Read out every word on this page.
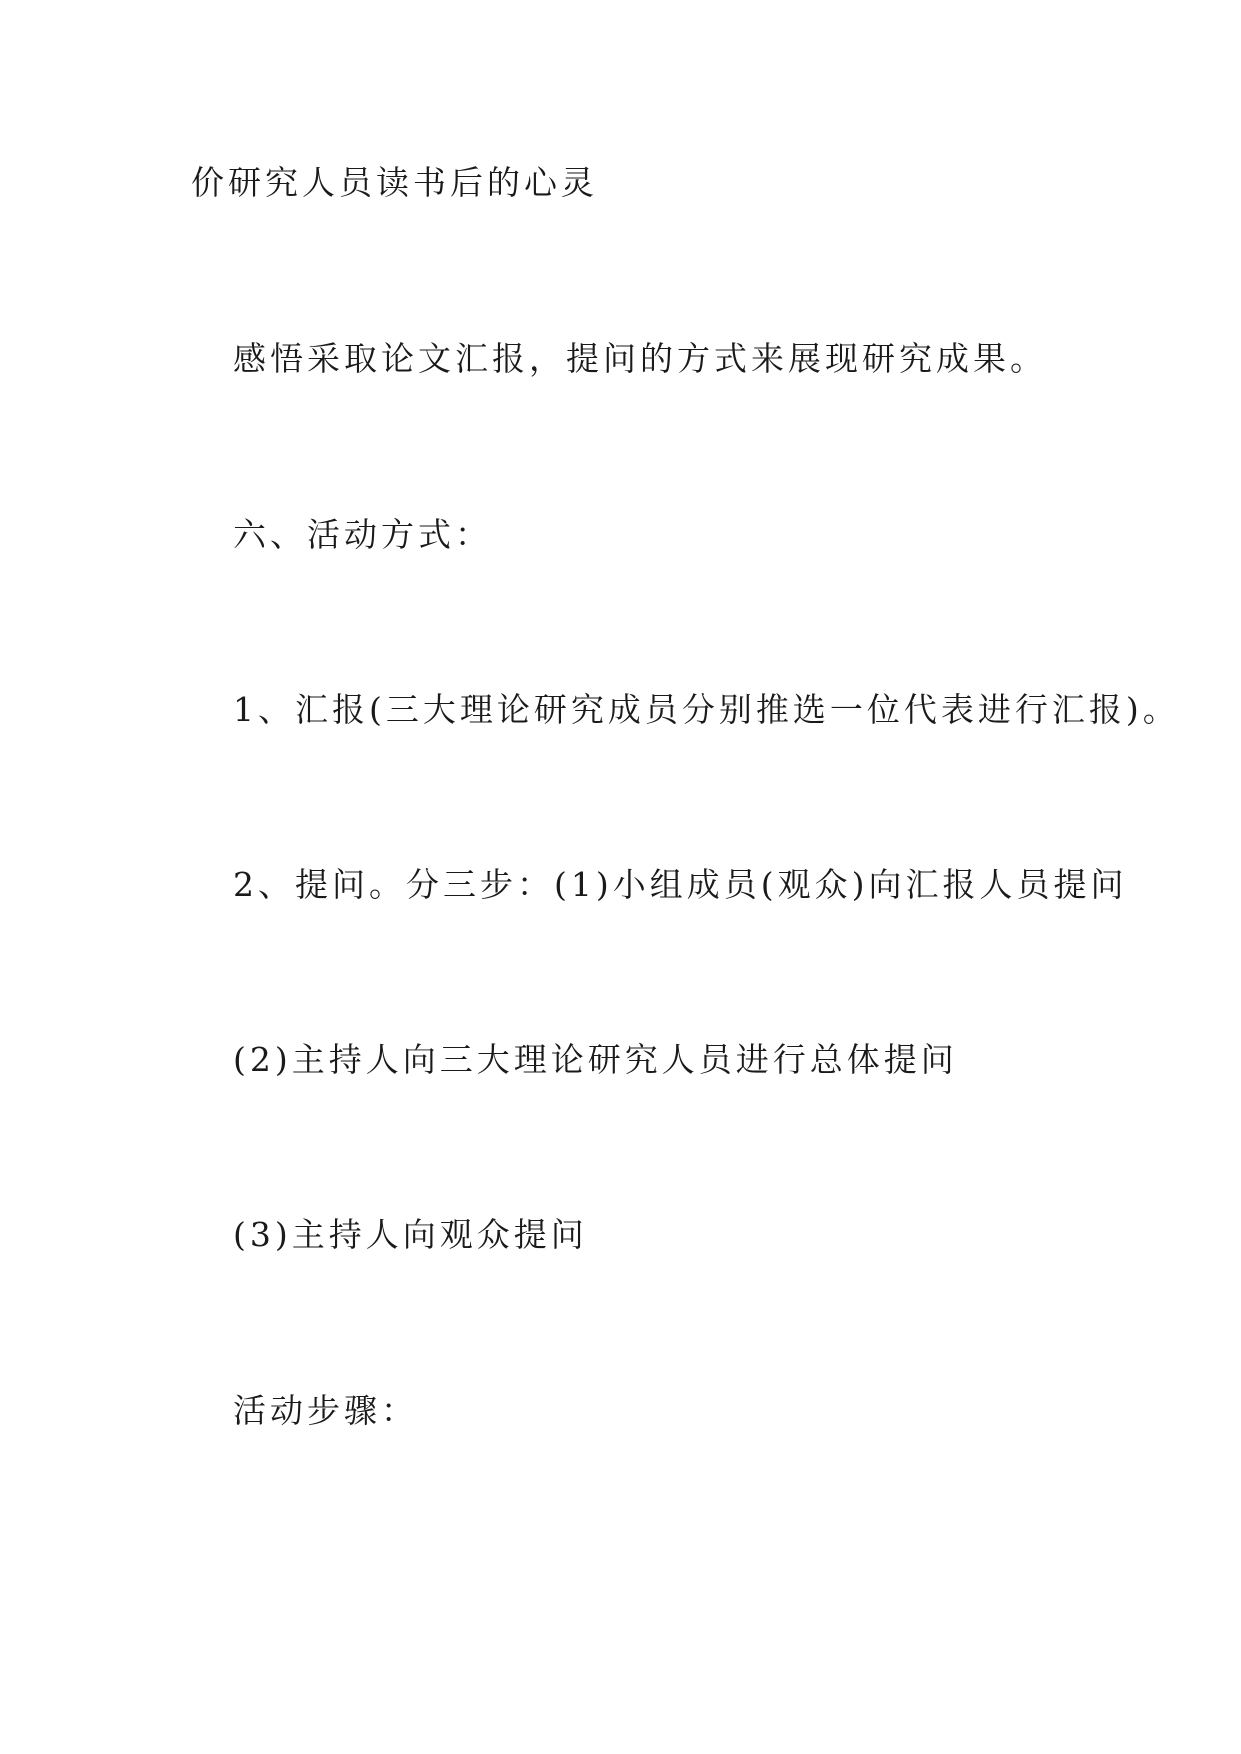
价研究人员读书后的心灵

感悟采取论文汇报，提问的方式来展现研究成果。

六、活动方式：

1、汇报(三大理论研究成员分别推选一位代表进行汇报)。

2、提问。分三步：(1)小组成员(观众)向汇报人员提问

(2)主持人向三大理论研究人员进行总体提问

(3)主持人向观众提问

活动步骤：
